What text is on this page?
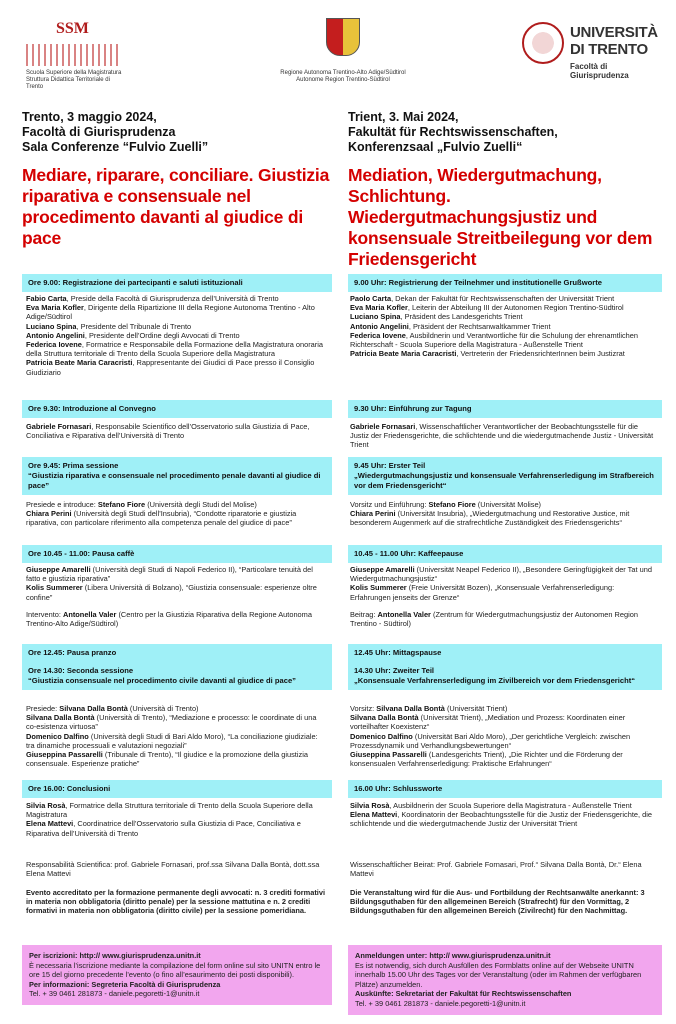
SSM
Scuola Superiore della Magistratura
Struttura Didattica Territoriale di Trento
Regione Autonoma Trentino-Alto Adige/Südtirol
Autonome Region Trentino-Südtirol
UNIVERSITÀ
DI TRENTO
Facoltà di
Giurisprudenza
Trento, 3 maggio 2024,
Facoltà di Giurisprudenza
Sala Conferenze “Fulvio Zuelli”
Mediare, riparare, conciliare. Giustizia riparativa e consensuale nel procedimento davanti al giudice di pace
Ore 9.00: Registrazione dei partecipanti e saluti istituzionali
Fabio Carta, Preside della Facoltà di Giurisprudenza dell’Università di Trento
Eva Maria Kofler, Dirigente della Ripartizione III della Regione Autonoma Trentino - Alto Adige/Südtirol
Luciano Spina, Presidente del Tribunale di Trento
Antonio Angelini, Presidente dell’Ordine degli Avvocati di Trento
Federica Iovene, Formatrice e Responsabile della Formazione della Magistratura onoraria della Struttura territoriale di Trento della Scuola Superiore della Magistratura
Patricia Beate Maria Caracristi, Rappresentante dei Giudici di Pace presso il Consiglio Giudiziario
Ore 9.30: Introduzione al Convegno
Gabriele Fornasari, Responsabile Scientifico dell’Osservatorio sulla Giustizia di Pace, Conciliativa e Riparativa dell’Università di Trento
Ore 9.45: Prima sessione
“Giustizia riparativa e consensuale nel procedimento penale davanti al giudice di pace”
Presiede e introduce: Stefano Fiore (Università degli Studi del Molise)
Chiara Perini (Università degli Studi dell’Insubria), “Condotte riparatorie e giustizia riparativa, con particolare riferimento alla competenza penale del giudice di pace”
Ore 10.45 - 11.00: Pausa caffè
Giuseppe Amarelli (Università degli Studi di Napoli Federico II), “Particolare tenuità del fatto e giustizia riparativa”
Kolis Summerer (Libera Università di Bolzano), “Giustizia consensuale: esperienze oltre confine”
Intervento: Antonella Valer (Centro per la Giustizia Riparativa della Regione Autonoma Trentino-Alto Adige/Südtirol)
Ore 12.45: Pausa pranzo
Ore 14.30: Seconda sessione
“Giustizia consensuale nel procedimento civile davanti al giudice di pace”
Presiede: Silvana Dalla Bontà (Università di Trento)
Silvana Dalla Bontà (Università di Trento), “Mediazione e processo: le coordinate di una co-esistenza virtuosa”
Domenico Dalfino (Università degli Studi di Bari Aldo Moro), “La conciliazione giudiziale: tra dinamiche processuali e valutazioni negoziali”
Giuseppina Passarelli (Tribunale di Trento), “Il giudice e la promozione della giustizia consensuale. Esperienze pratiche”
Ore 16.00: Conclusioni
Silvia Rosà, Formatrice della Struttura territoriale di Trento della Scuola Superiore della Magistratura
Elena Mattevi, Coordinatrice dell’Osservatorio sulla Giustizia di Pace, Conciliativa e Riparativa dell’Università di Trento
Responsabilità Scientifica: prof. Gabriele Fornasari, prof.ssa Silvana Dalla Bontà, dott.ssa Elena Mattevi
Evento accreditato per la formazione permanente degli avvocati: n. 3 crediti formativi in materia non obbligatoria (diritto penale) per la sessione mattutina e n. 2 crediti formativi in materia non obbligatoria (diritto civile) per la sessione pomeridiana.
Per iscrizioni: http:// www.giurisprudenza.unitn.it
È necessaria l’iscrizione mediante la compilazione del form online sul sito UNITN entro le ore 15 del giorno precedente l’evento (o fino all’esaurimento dei posti disponibili).
Per informazioni: Segreteria Facoltà di Giurisprudenza
Tel. + 39 0461 281873 - daniele.pegoretti-1@unitn.it
Trient, 3. Mai 2024,
Fakultät für Rechtswissenschaften,
Konferenzsaal „Fulvio Zuelli“
Mediation, Wiedergutmachung, Schlichtung. Wiedergutmachungsjustiz und konsensuale Streitbeilegung vor dem Friedensgericht
9.00 Uhr: Registrierung der Teilnehmer und institutionelle Grußworte
Paolo Carta, Dekan der Fakultät für Rechtswissenschaften der Universität Trient
Eva Maria Kofler, Leiterin der Abteilung III der Autonomen Region Trentino-Südtirol
Luciano Spina, Präsident des Landesgerichts Trient
Antonio Angelini, Präsident der Rechtsanwaltkammer Trient
Federica Iovene, Ausbildnerin und Verantwortliche für die Schulung der ehrenamtlichen Richterschaft - Scuola Superiore della Magistratura - Außenstelle Trient
Patricia Beate Maria Caracristi, Vertreterin der FriedensrichterInnen beim Justizrat
9.30 Uhr: Einführung zur Tagung
Gabriele Fornasari, Wissenschaftlicher Verantwortlicher der Beobachtungsstelle für die Justiz der Friedensgerichte, die schlichtende und die wiedergutmachende Justiz - Universität Trient
9.45 Uhr: Erster Teil
„Wiedergutmachungsjustiz und konsensuale Verfahrenserledigung im Strafbereich vor dem Friedensgericht“
Vorsitz und Einführung: Stefano Fiore (Universität Molise)
Chiara Perini (Universität Insubria), „Wiedergutmachung und Restorative Justice, mit besonderem Augenmerk auf die strafrechtliche Zuständigkeit des Friedensgerichts“
10.45 - 11.00 Uhr: Kaffeepause
Giuseppe Amarelli (Universität Neapel Federico II), „Besondere Geringfügigkeit der Tat und Wiedergutmachungsjustiz“
Kolis Summerer (Freie Universität Bozen), „Konsensuale Verfahrenserledigung: Erfahrungen jenseits der Grenze“
Beitrag: Antonella Valer (Zentrum für Wiedergutmachungsjustiz der Autonomen Region Trentino - Südtirol)
12.45 Uhr: Mittagspause
14.30 Uhr: Zweiter Teil
„Konsensuale Verfahrenserledigung im Zivilbereich vor dem Friedensgericht“
Vorsitz: Silvana Dalla Bontà (Universität Trient)
Silvana Dalla Bontà (Universität Trient), „Mediation und Prozess: Koordinaten einer vorteilhafter Koexistenz“
Domenico Dalfino (Universität Bari Aldo Moro), „Der gerichtliche Vergleich: zwischen Prozessdynamik und Verhandlungsbewertungen“
Giuseppina Passarelli (Landesgerichts Trient), „Die Richter und die Förderung der konsensualen Verfahrenserledigung: Praktische Erfahrungen“
16.00 Uhr: Schlussworte
Silvia Rosà, Ausbildnerin der Scuola Superiore della Magistratura - Außenstelle Trient
Elena Mattevi, Koordinatorin der Beobachtungsstelle für die Justiz der Friedensgerichte, die schlichtende und die wiedergutmachende Justiz der Universität Trient
Wissenschaftlicher Beirat: Prof. Gabriele Fornasari, Prof.“ Silvana Dalla Bontà, Dr.“ Elena Mattevi
Die Veranstaltung wird für die Aus- und Fortbildung der Rechtsanwälte anerkannt: 3 Bildungsguthaben für den allgemeinen Bereich (Strafrecht) für den Vormittag, 2 Bildungsguthaben für den allgemeinen Bereich (Zivilrecht) für den Nachmittag.
Anmeldungen unter: http:// www.giurisprudenza.unitn.it
Es ist notwendig, sich durch Ausfüllen des Formblatts online auf der Webseite UNITN innerhalb 15.00 Uhr des Tages vor der Veranstaltung (oder im Rahmen der verfügbaren Plätze) anzumelden.
Auskünfte: Sekretariat der Fakultät für Rechtswissenschaften
Tel. + 39 0461 281873 - daniele.pegoretti-1@unitn.it
